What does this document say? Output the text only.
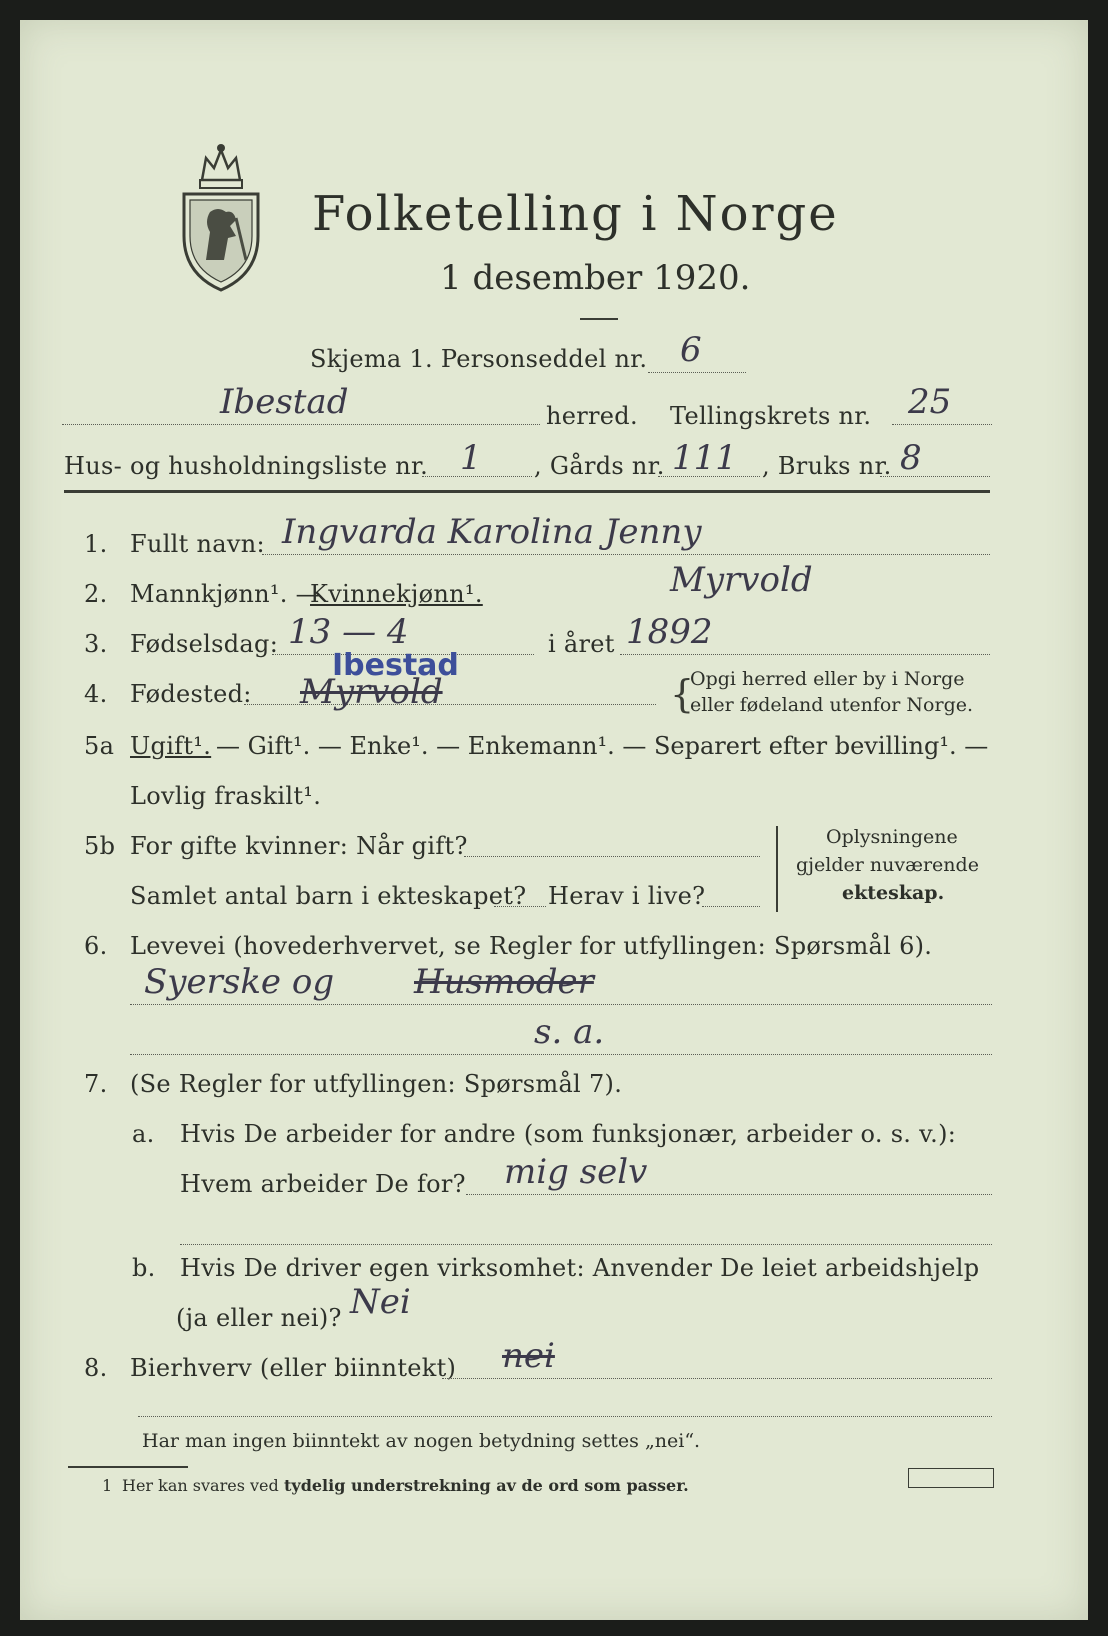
Folketelling i Norge
1 desember 1920.
Skjema 1. Personseddel nr. 6
Ibestad	herred. Tellingskrets nr. 25
Hus- og husholdningsliste nr. 1 , Gårds nr. 111 , Bruks nr. 8
1. Fullt navn: Ingvarda Karolina Jenny
2. Mannkjønn¹. —
Kvinnekjønn¹.	Myrvold
3. Fødselsdag: 13 — 4	i året 1892
4. Fødested:
Ibestad
Myrvold	{
Opgi herred eller by i Norge
eller fødeland utenfor Norge.
5a Ugift¹. — Gift¹. — Enke¹. — Enkemann¹. — Separert efter bevilling¹. —
Lovlig fraskilt¹.
5b For gifte kvinner: Når gift?
Samlet antal barn i ekteskapet? Herav i live?
Oplysningene
gjelder nuværende
ekteskap.
6. Levevei (hovederhvervet, se Regler for utfyllingen: Spørsmål 6).
Syerske og Husmoder
s. a.
7. (Se Regler for utfyllingen: Spørsmål 7).
a. Hvis De arbeider for andre (som funksjonær, arbeider o. s. v.):
Hvem arbeider De for? mig selv
b. Hvis De driver egen virksomhet: Anvender De leiet arbeidshjelp
(ja eller nei)? Nei
8. Bierhverv (eller biinntekt) nei
Har man ingen biinntekt av nogen betydning settes „nei“.
1 Her kan svares ved tydelig understrekning av de ord som passer.
